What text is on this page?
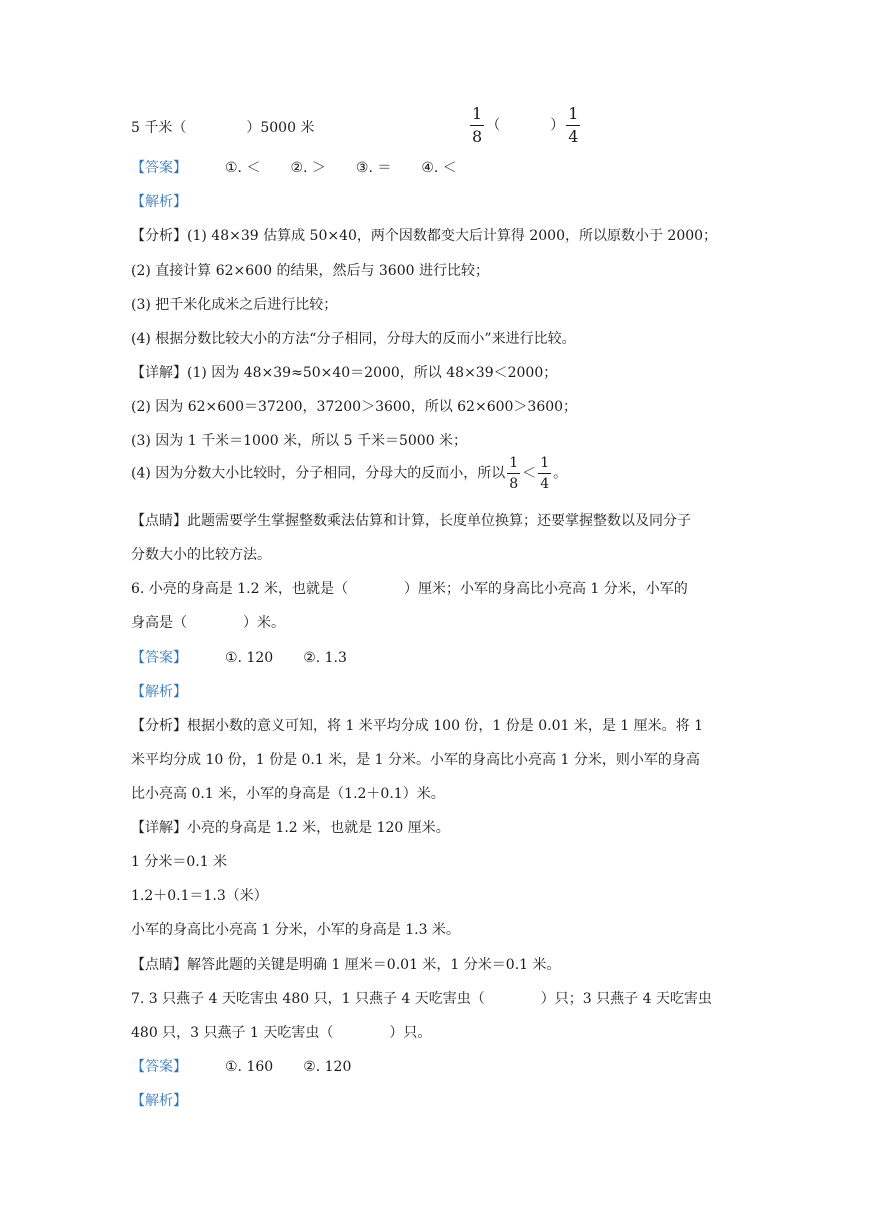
5 千米（	）5000 米	$\frac{1}{8}$ （	） $\frac{1}{4}$
【答案】	①. ＜ ②. ＞ ③. ＝ ④. ＜
【解析】
【分析】(1) 48×39 估算成 50×40，两个因数都变大后计算得 2000，所以原数小于 2000；
(2) 直接计算 62×600 的结果，然后与 3600 进行比较；
(3) 把千米化成米之后进行比较；
(4) 根据分数比较大小的方法“分子相同，分母大的反而小”来进行比较。
【详解】(1) 因为 48×39≈50×40＝2000，所以 48×39＜2000；
(2) 因为 62×600＝37200，37200＞3600，所以 62×600＞3600；
(3) 因为 1 千米＝1000 米，所以 5 千米＝5000 米；
(4) 因为分数大小比较时，分子相同，分母大的反而小，所以 $\frac{1}{8} < \frac{1}{4}$ 。
【点睛】此题需要学生掌握整数乘法估算和计算，长度单位换算；还要掌握整数以及同分子
分数大小的比较方法。
6. 小亮的身高是 1.2 米，也就是（	）厘米；小军的身高比小亮高 1 分米，小军的
身高是（	）米。
【答案】	①. 120 ②. 1.3
【解析】
【分析】根据小数的意义可知，将 1 米平均分成 100 份，1 份是 0.01 米，是 1 厘米。将 1
米平均分成 10 份，1 份是 0.1 米，是 1 分米。小军的身高比小亮高 1 分米，则小军的身高
比小亮高 0.1 米，小军的身高是（1.2＋0.1）米。
【详解】小亮的身高是 1.2 米，也就是 120 厘米。
1 分米＝0.1 米
1.2＋0.1＝1.3（米）
小军的身高比小亮高 1 分米，小军的身高是 1.3 米。
【点睛】解答此题的关键是明确 1 厘米＝0.01 米，1 分米＝0.1 米。
7. 3 只燕子 4 天吃害虫 480 只，1 只燕子 4 天吃害虫（	）只；3 只燕子 4 天吃害虫
480 只，3 只燕子 1 天吃害虫（	）只。
【答案】	①. 160 ②. 120
【解析】
